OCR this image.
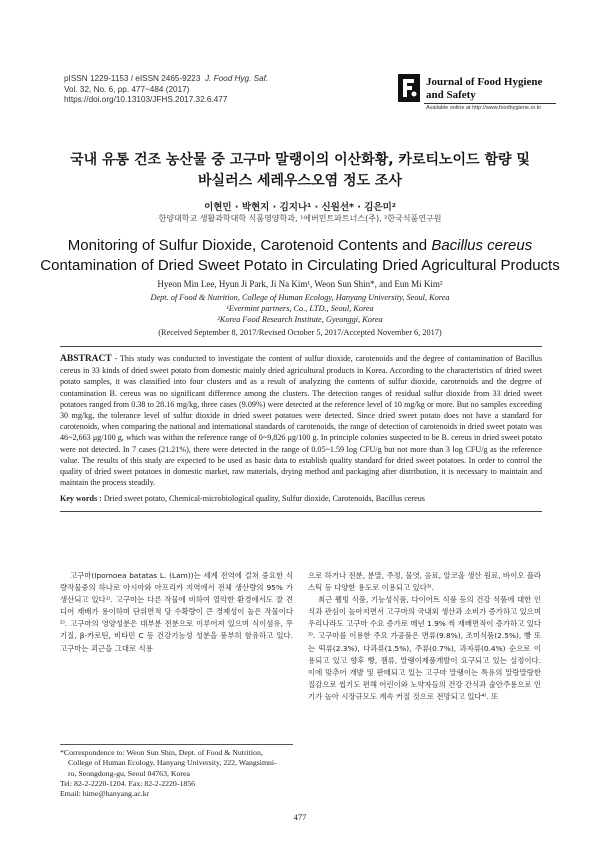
pISSN 1229-1153 / eISSN 2465-9223 J. Food Hyg. Saf.
Vol. 32, No. 6, pp. 477~484 (2017)
https://doi.org/10.13103/JFHS.2017.32.6.477
Journal of Food Hygiene
and Safety
Available online at http://www.foodhygiene.or.kr
국내 유통 건조 농산물 중 고구마 말랭이의 이산화황, 카로티노이드 함량 및
바실러스 세레우스오염 정도 조사
이현민 · 박현지 · 김지나¹ · 신원선* · 김은미²
한양대학교 생활과학대학 식품영양학과, ¹에버민트파트너스(주), ²한국식품연구원
Monitoring of Sulfur Dioxide, Carotenoid Contents and Bacillus cereus
Contamination of Dried Sweet Potato in Circulating Dried Agricultural Products
Hyeon Min Lee, Hyun Ji Park, Ji Na Kim¹, Weon Sun Shin*, and Eun Mi Kim²
Dept. of Food & Nutrition, College of Human Ecology, Hanyang University, Seoul, Korea
¹Evermint partners, Co., LTD., Seoul, Korea
²Korea Food Research Institute, Gyeonggi, Korea
(Received September 8, 2017/Revised October 5, 2017/Accepted November 6, 2017)
ABSTRACT - This study was conducted to investigate the content of sulfur dioxide, carotenoids and the degree of contamination of Bacillus cereus in 33 kinds of dried sweet potato from domestic mainly dried agricultural products in Korea. According to the characteristics of dried sweet potato samples, it was classified into four clusters and as a result of analyzing the contents of sulfur dioxide, carotenoids and the degree of contamination B. cereus was no significant difference among the clusters. The detection ranges of residual sulfur dioxide from 33 dried sweet potatoes ranged from 0.38 to 28.16 mg/kg, three cases (9.09%) were detected at the reference level of 10 mg/kg or more. But no samples exceeding 30 mg/kg, the tolerance level of sulfur dioxide in dried sweet potatoes were detected. Since dried sweet potato does not have a standard for carotenoids, when comparing the national and international standards of carotenoids, the range of detection of carotenoids in dried sweet potato was 46~2,663 μg/100 g, which was within the reference range of 0~9,826 μg/100 g. In principle colonies suspected to be B. cereus in dried sweet potato were not detected. In 7 cases (21.21%), there were detected in the range of 0.05~1.59 log CFU/g but not more than 3 log CFU/g as the reference value. The results of this study are expected to be used as basic data to establish quality standard for dried sweet potatoes. In order to control the quality of dried sweet potatoes in domestic market, raw materials, drying method and packaging after distribution, it is necessary to maintain and maintain the process steadily.
Key words : Dried sweet potato, Chemical-microbiological quality, Sulfur dioxide, Carotenoids, Bacillus cereus

고구마(Ipomoea batatas L. (Lam))는 세계 전역에 걸쳐 중요한 식량작물중의 하나로 아시아와 아프리카 지역에서 전체 생산량의 95% 가 생산되고 있다¹⁾. 고구마는 다른 작물에 비하여 열악한 환경에서도 잘 견디어 재배가 용이하며 단위면적 당 수확량이 큰 경제성이 높은 작물이다²⁾. 고구마의 영양성분은 대부분 전분으로 이루어져 있으며 식이섬유, 무기질, β-카로틴, 비타민 C 등 건강기능성 성분을 풍부히 함유하고 있다. 고구마는 괴근을 그대로 식용

으로 하거나 전분, 분말, 주정, 물엿, 음료, 알코올 생산 원료, 바이오 플라스틱 등 다양한 용도로 이용되고 있다³⁾.

최근 웰빙 식품, 기능성식품, 다이어트 식품 등의 건강 식품에 대한 인식과 관심이 높아지면서 고구마의 국내외 생산과 소비가 증가하고 있으며 우리나라도 고구마 수요 증가로 매년 1.9% 씩 재배면적이 증가하고 있다³⁾. 고구마를 이용한 주요 가공품은 면류(9.8%), 조미식품(2.5%), 빵 또는 떡류(2.3%), 다과류(1.5%), 주류(0.7%), 과자류(0.4%) 순으로 이용되고 있고 향후 빵, 잼류, 말랭이제품개발이 요구되고 있는 실정이다. 이에 맞추어 개발 및 판매되고 있는 고구마 말랭이는 특유의 말랑말랑한 질감으로 씹기도 편해 어린이와 노약자들의 건강 간식과 술안주용으로 인기가 높아 시장규모도 계속 커질 것으로 전망되고 있다⁴⁾. 또

*Correspondence to: Weon Sun Shin, Dept. of Food & Nutrition,
College of Human Ecology, Hanyang University, 222, Wangsimni-
ro, Seongdong-gu, Seoul 04763, Korea
Tel: 82-2-2220-1204. Fax: 82-2-2220-1856
Email: hime@hanyang.ac.kr
477
